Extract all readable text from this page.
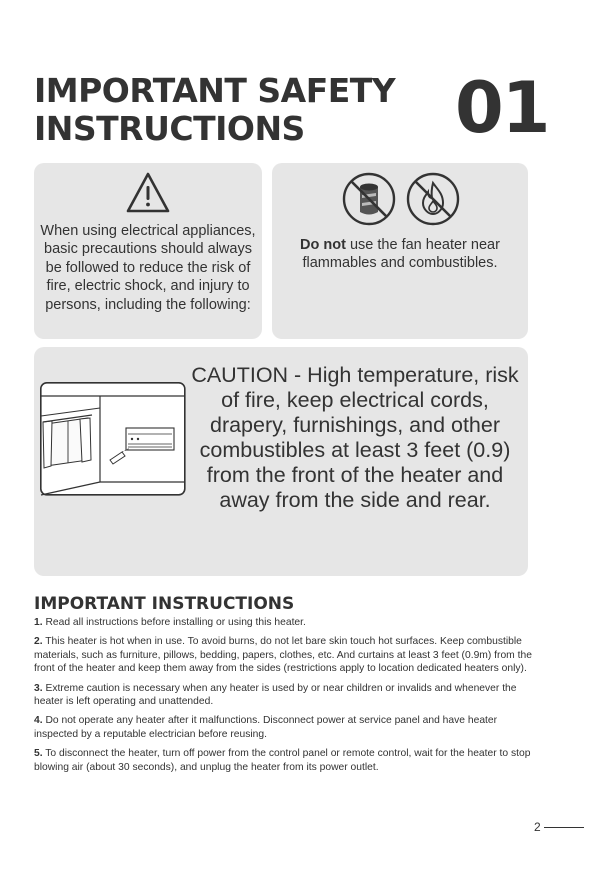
IMPORTANT SAFETY
INSTRUCTIONS	01
When using electrical appliances, basic precautions should always be followed to reduce the risk of fire, electric shock, and injury to persons, including the following:
Do not use the fan heater near flammables and combustibles.
CAUTION - High temperature, risk of fire, keep electrical cords, drapery, furnishings, and other combustibles at least 3 feet (0.9) from the front of the heater and away from the side and rear.
IMPORTANT INSTRUCTIONS
1. Read all instructions before installing or using this heater.
2. This heater is hot when in use. To avoid burns, do not let bare skin touch hot surfaces. Keep combustible materials, such as furniture, pillows, bedding, papers, clothes, etc. And curtains at least 3 feet (0.9m) from the front of the heater and keep them away from the sides (restrictions apply to location dedicated heaters only).
3. Extreme caution is necessary when any heater is used by or near children or invalids and whenever the heater is left operating and unattended.
4. Do not operate any heater after it malfunctions. Disconnect power at service panel and have heater inspected by a reputable electrician before reusing.
5. To disconnect the heater, turn off power from the control panel or remote control, wait for the heater to stop blowing air (about 30 seconds), and unplug the heater from its power outlet.
2
